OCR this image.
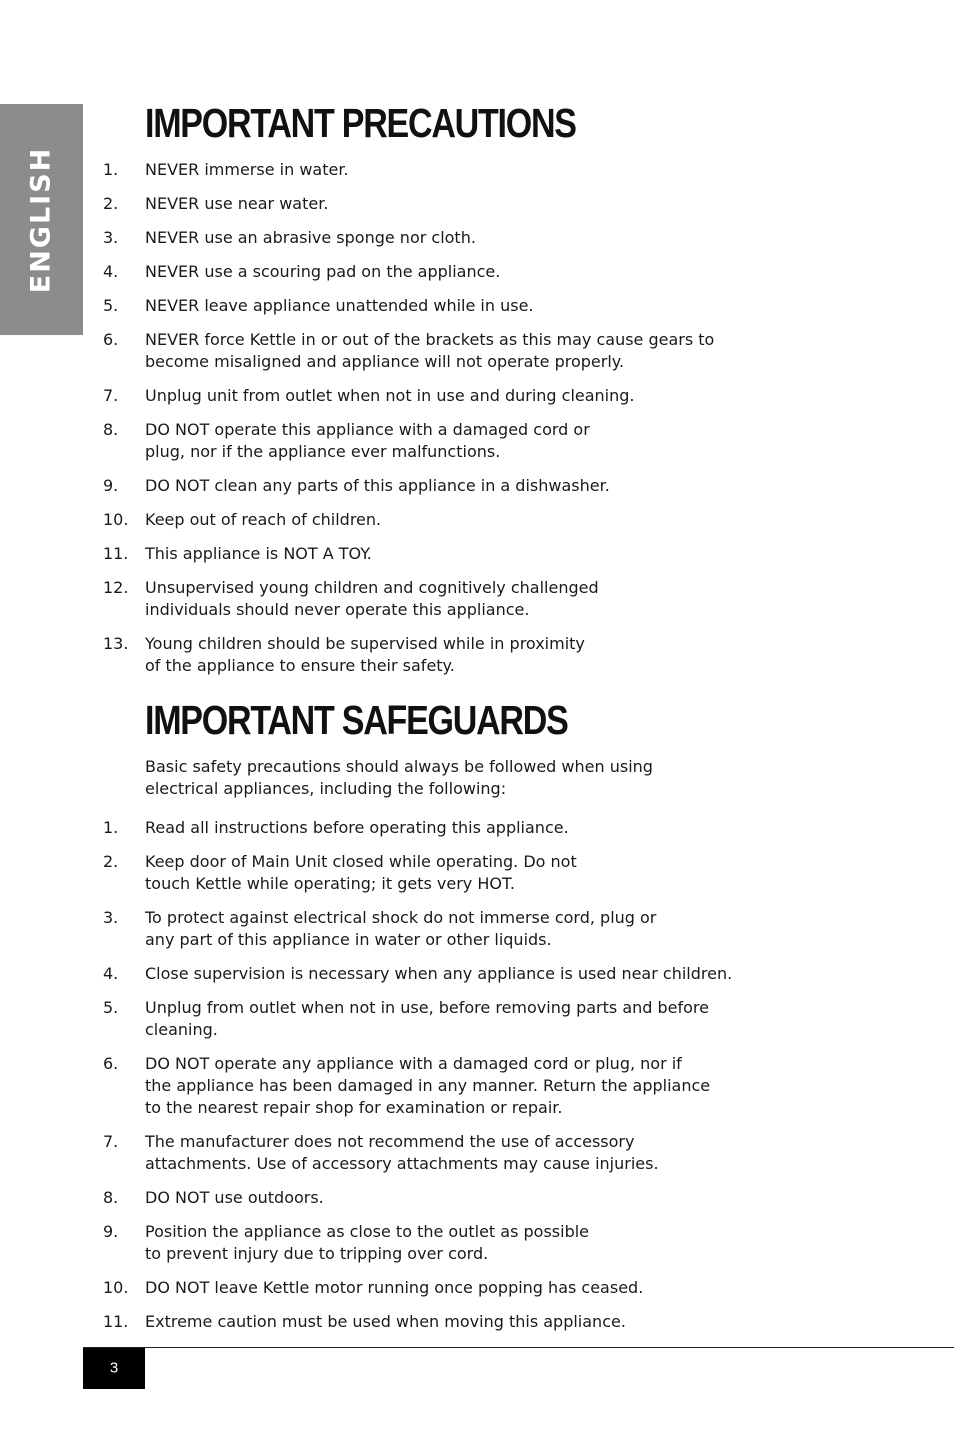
ENGLISH
IMPORTANT PRECAUTIONS
1. NEVER immerse in water.
2. NEVER use near water.
3. NEVER use an abrasive sponge nor cloth.
4. NEVER use a scouring pad on the appliance.
5. NEVER leave appliance unattended while in use.
6. NEVER force Kettle in or out of the brackets as this may cause gears to
become misaligned and appliance will not operate properly.
7. Unplug unit from outlet when not in use and during cleaning.
8. DO NOT operate this appliance with a damaged cord or
plug, nor if the appliance ever malfunctions.
9. DO NOT clean any parts of this appliance in a dishwasher.
10. Keep out of reach of children.
11. This appliance is NOT A TOY.
12. Unsupervised young children and cognitively challenged
individuals should never operate this appliance.
13. Young children should be supervised while in proximity
of the appliance to ensure their safety.
IMPORTANT SAFEGUARDS

Basic safety precautions should always be followed when using
electrical appliances, including the following:

1. Read all instructions before operating this appliance.
2. Keep door of Main Unit closed while operating. Do not
touch Kettle while operating; it gets very HOT.
3. To protect against electrical shock do not immerse cord, plug or
any part of this appliance in water or other liquids.
4. Close supervision is necessary when any appliance is used near children.
5. Unplug from outlet when not in use, before removing parts and before cleaning.
6. DO NOT operate any appliance with a damaged cord or plug, nor if
the appliance has been damaged in any manner. Return the appliance
to the nearest repair shop for examination or repair.
7. The manufacturer does not recommend the use of accessory
attachments. Use of accessory attachments may cause injuries.
8. DO NOT use outdoors.
9. Position the appliance as close to the outlet as possible
to prevent injury due to tripping over cord.
10. DO NOT leave Kettle motor running once popping has ceased.
11. Extreme caution must be used when moving this appliance.
3
